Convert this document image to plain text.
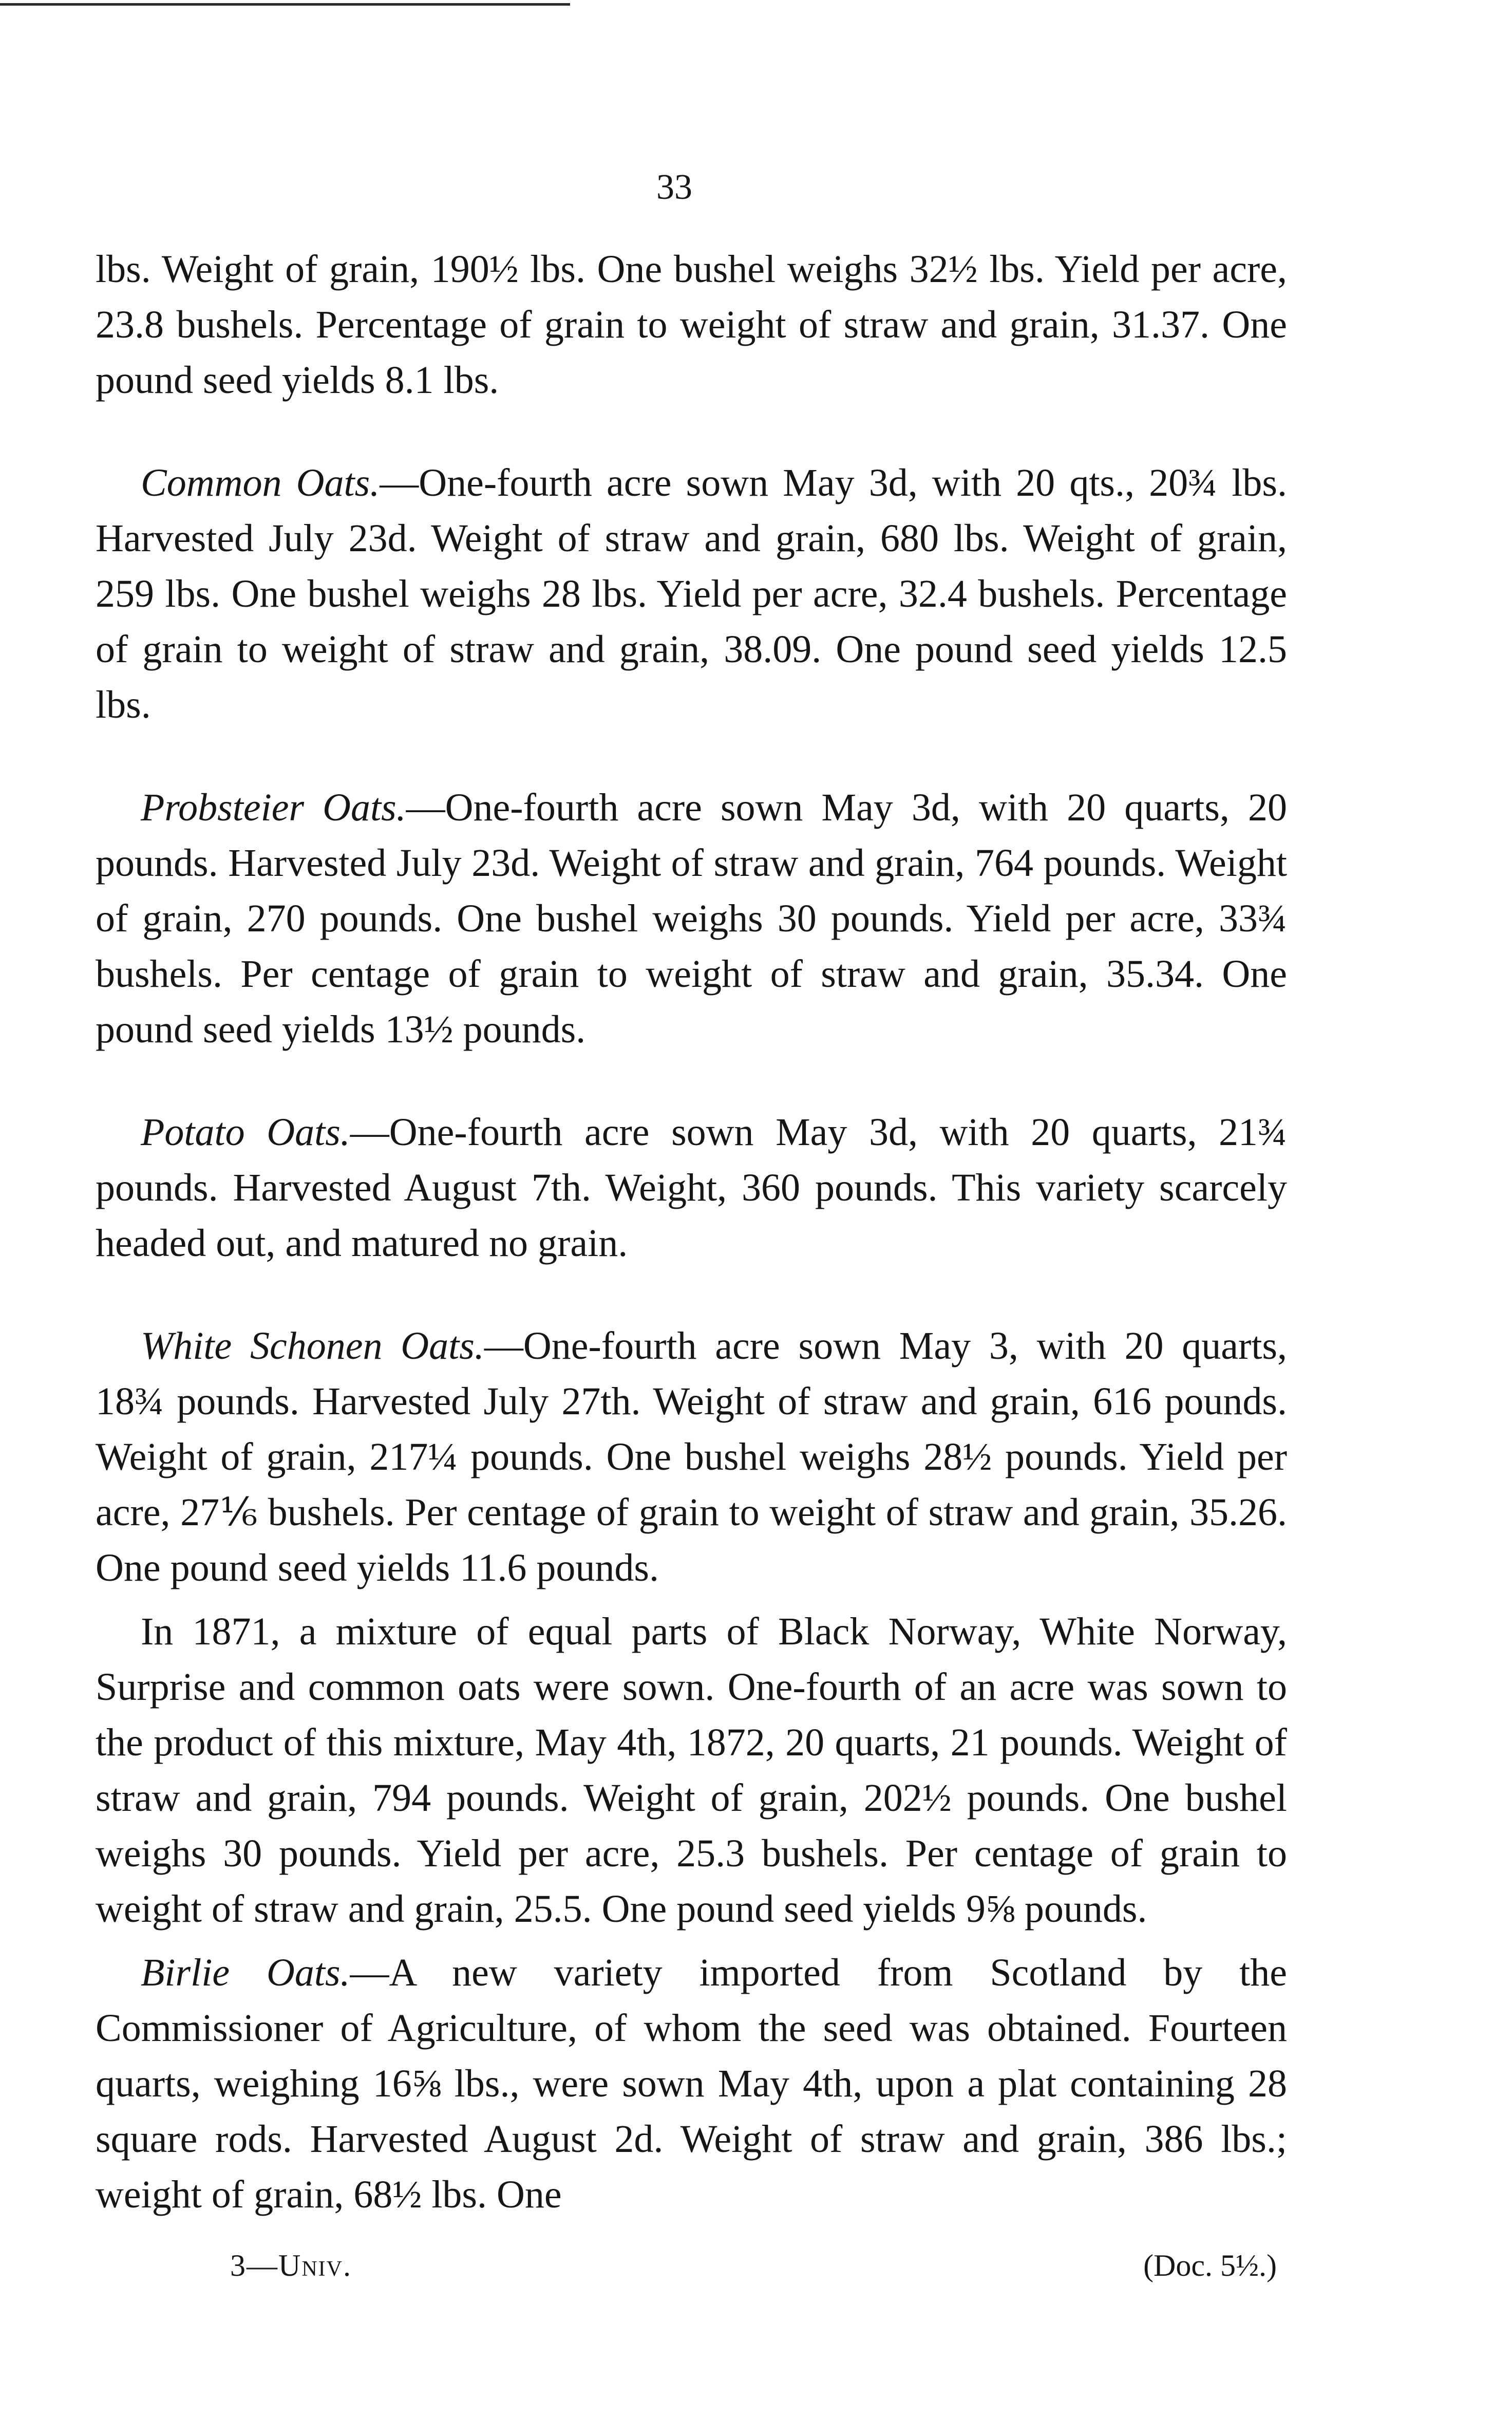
33

lbs. Weight of grain, 190½ lbs. One bushel weighs 32½ lbs. Yield per acre, 23.8 bushels. Percentage of grain to weight of straw and grain, 31.37. One pound seed yields 8.1 lbs.

Common Oats.—One-fourth acre sown May 3d, with 20 qts., 20¾ lbs. Harvested July 23d. Weight of straw and grain, 680 lbs. Weight of grain, 259 lbs. One bushel weighs 28 lbs. Yield per acre, 32.4 bushels. Percentage of grain to weight of straw and grain, 38.09. One pound seed yields 12.5 lbs.

Probsteier Oats.—One-fourth acre sown May 3d, with 20 quarts, 20 pounds. Harvested July 23d. Weight of straw and grain, 764 pounds. Weight of grain, 270 pounds. One bushel weighs 30 pounds. Yield per acre, 33¾ bushels. Per centage of grain to weight of straw and grain, 35.34. One pound seed yields 13½ pounds.

Potato Oats.—One-fourth acre sown May 3d, with 20 quarts, 21¾ pounds. Harvested August 7th. Weight, 360 pounds. This variety scarcely headed out, and matured no grain.

White Schonen Oats.—One-fourth acre sown May 3, with 20 quarts, 18¾ pounds. Harvested July 27th. Weight of straw and grain, 616 pounds. Weight of grain, 217¼ pounds. One bushel weighs 28½ pounds. Yield per acre, 27⅙ bushels. Per centage of grain to weight of straw and grain, 35.26. One pound seed yields 11.6 pounds.

In 1871, a mixture of equal parts of Black Norway, White Norway, Surprise and common oats were sown. One-fourth of an acre was sown to the product of this mixture, May 4th, 1872, 20 quarts, 21 pounds. Weight of straw and grain, 794 pounds. Weight of grain, 202½ pounds. One bushel weighs 30 pounds. Yield per acre, 25.3 bushels. Per centage of grain to weight of straw and grain, 25.5. One pound seed yields 9⅝ pounds.

Birlie Oats.—A new variety imported from Scotland by the Commissioner of Agriculture, of whom the seed was obtained. Fourteen quarts, weighing 16⅝ lbs., were sown May 4th, upon a plat containing 28 square rods. Harvested August 2d. Weight of straw and grain, 386 lbs.; weight of grain, 68½ lbs. One

3—Univ.	(Doc. 5½.)
